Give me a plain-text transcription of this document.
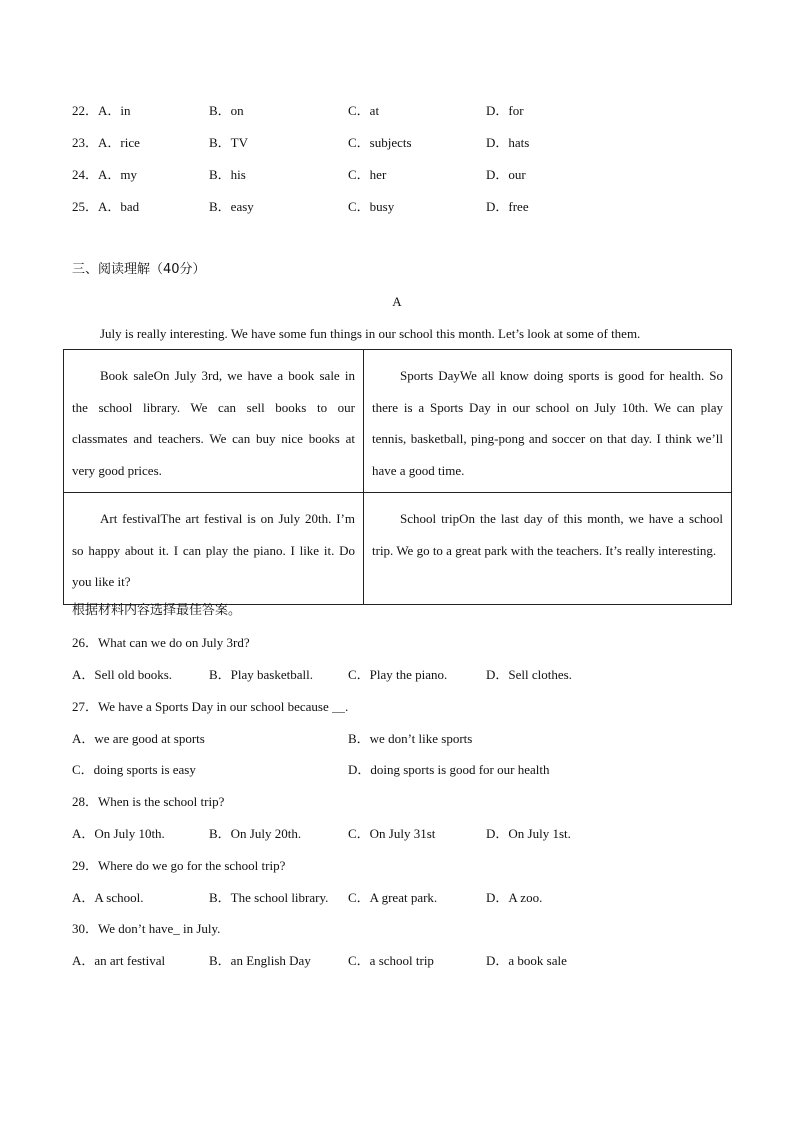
22．A．in	B．on	C．at	D．for
23．A．rice	B．TV	C．subjects	D．hats
24．A．my	B．his	C．her	D．our
25．A．bad	B．easy	C．busy	D．free
三、阅读理解（40分）
A
July is really interesting. We have some fun things in our school this month. Let’s look at some of them.
Book saleOn July 3rd, we have a book sale in the school library. We can sell books to our classmates and teachers. We can buy nice books at very good prices.	Sports DayWe all know doing sports is good for health. So there is a Sports Day in our school on July 10th. We can play tennis, basketball, ping-pong and soccer on that day. I think we’ll have a good time.
Art festivalThe art festival is on July 20th. I’m so happy about it. I can play the piano. I like it. Do you like it?	School tripOn the last day of this month, we have a school trip. We go to a great park with the teachers. It’s really interesting.
根据材料内容选择最佳答案。
26．What can we do on July 3rd?
A．Sell old books.	B．Play basketball.	C．Play the piano.	D．Sell clothes.
27．We have a Sports Day in our school because ＿.
A．we are good at sports	B．we don’t like sports
C．doing sports is easy	D．doing sports is good for our health
28．When is the school trip?
A．On July 10th.	B．On July 20th.	C．On July 31st	D．On July 1st.
29．Where do we go for the school trip?
A．A school.	B．The school library. C．A great park.	D．A zoo.
30．We don’t have_ in July.
A．an art festival	B．an English Day	C．a school trip	D．a book sale
